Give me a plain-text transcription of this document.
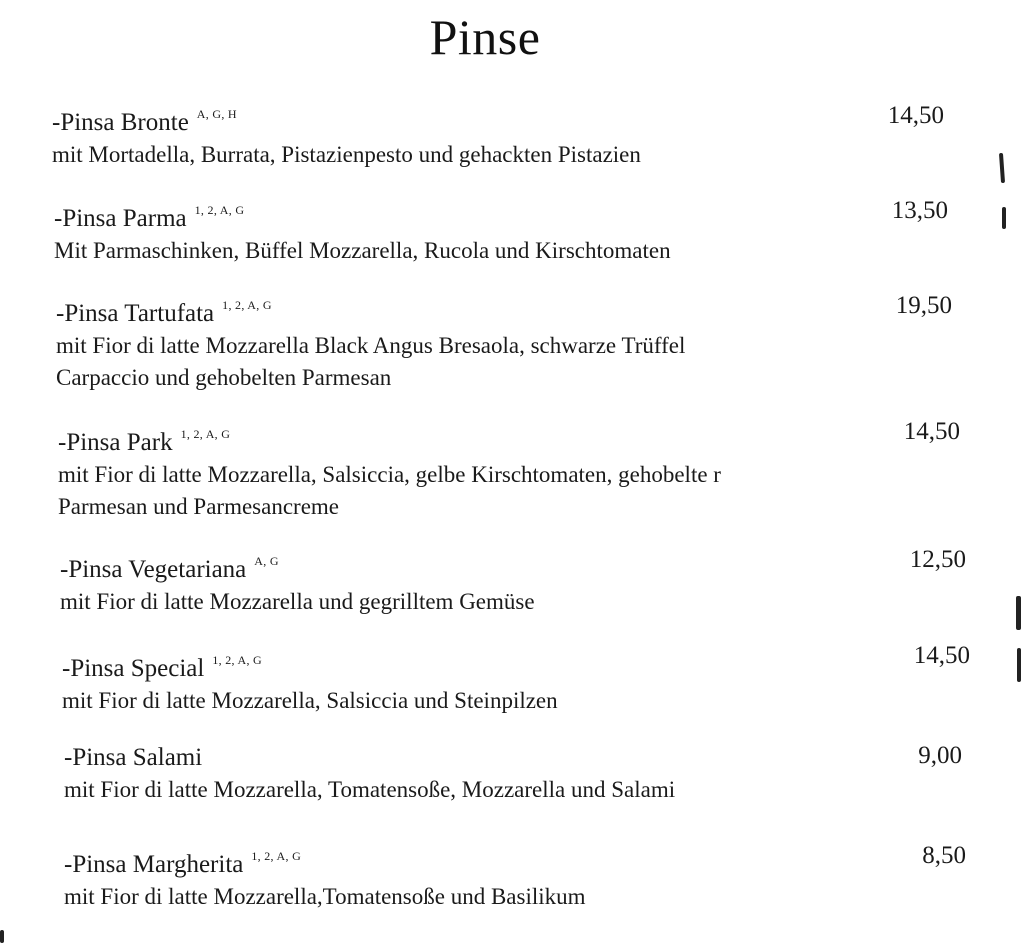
Pinse
-Pinsa Bronte $^{A, G, H}$
mit Mortadella, Burrata, Pistazienpesto und gehackten Pistazien
14,50
-Pinsa Parma $^{1, 2, A, G}$
Mit Parmaschinken, Büffel Mozzarella, Rucola und Kirschtomaten
13,50
-Pinsa Tartufata $^{1, 2, A, G}$
mit Fior di latte Mozzarella Black Angus Bresaola, schwarze Trüffel
Carpaccio und gehobelten Parmesan
19,50
-Pinsa Park $^{1, 2, A, G}$
mit Fior di latte Mozzarella, Salsiccia, gelbe Kirschtomaten, gehobelte r
Parmesan und Parmesancreme
14,50
-Pinsa Vegetariana $^{A, G}$
mit Fior di latte Mozzarella und gegrilltem Gemüse
12,50
-Pinsa Special $^{1, 2, A, G}$
mit Fior di latte Mozzarella, Salsiccia und Steinpilzen
14,50
-Pinsa Salami
mit Fior di latte Mozzarella, Tomatensoße, Mozzarella und Salami
9,00
-Pinsa Margherita $^{1, 2, A, G}$
mit Fior di latte Mozzarella,Tomatensoße und Basilikum
8,50
